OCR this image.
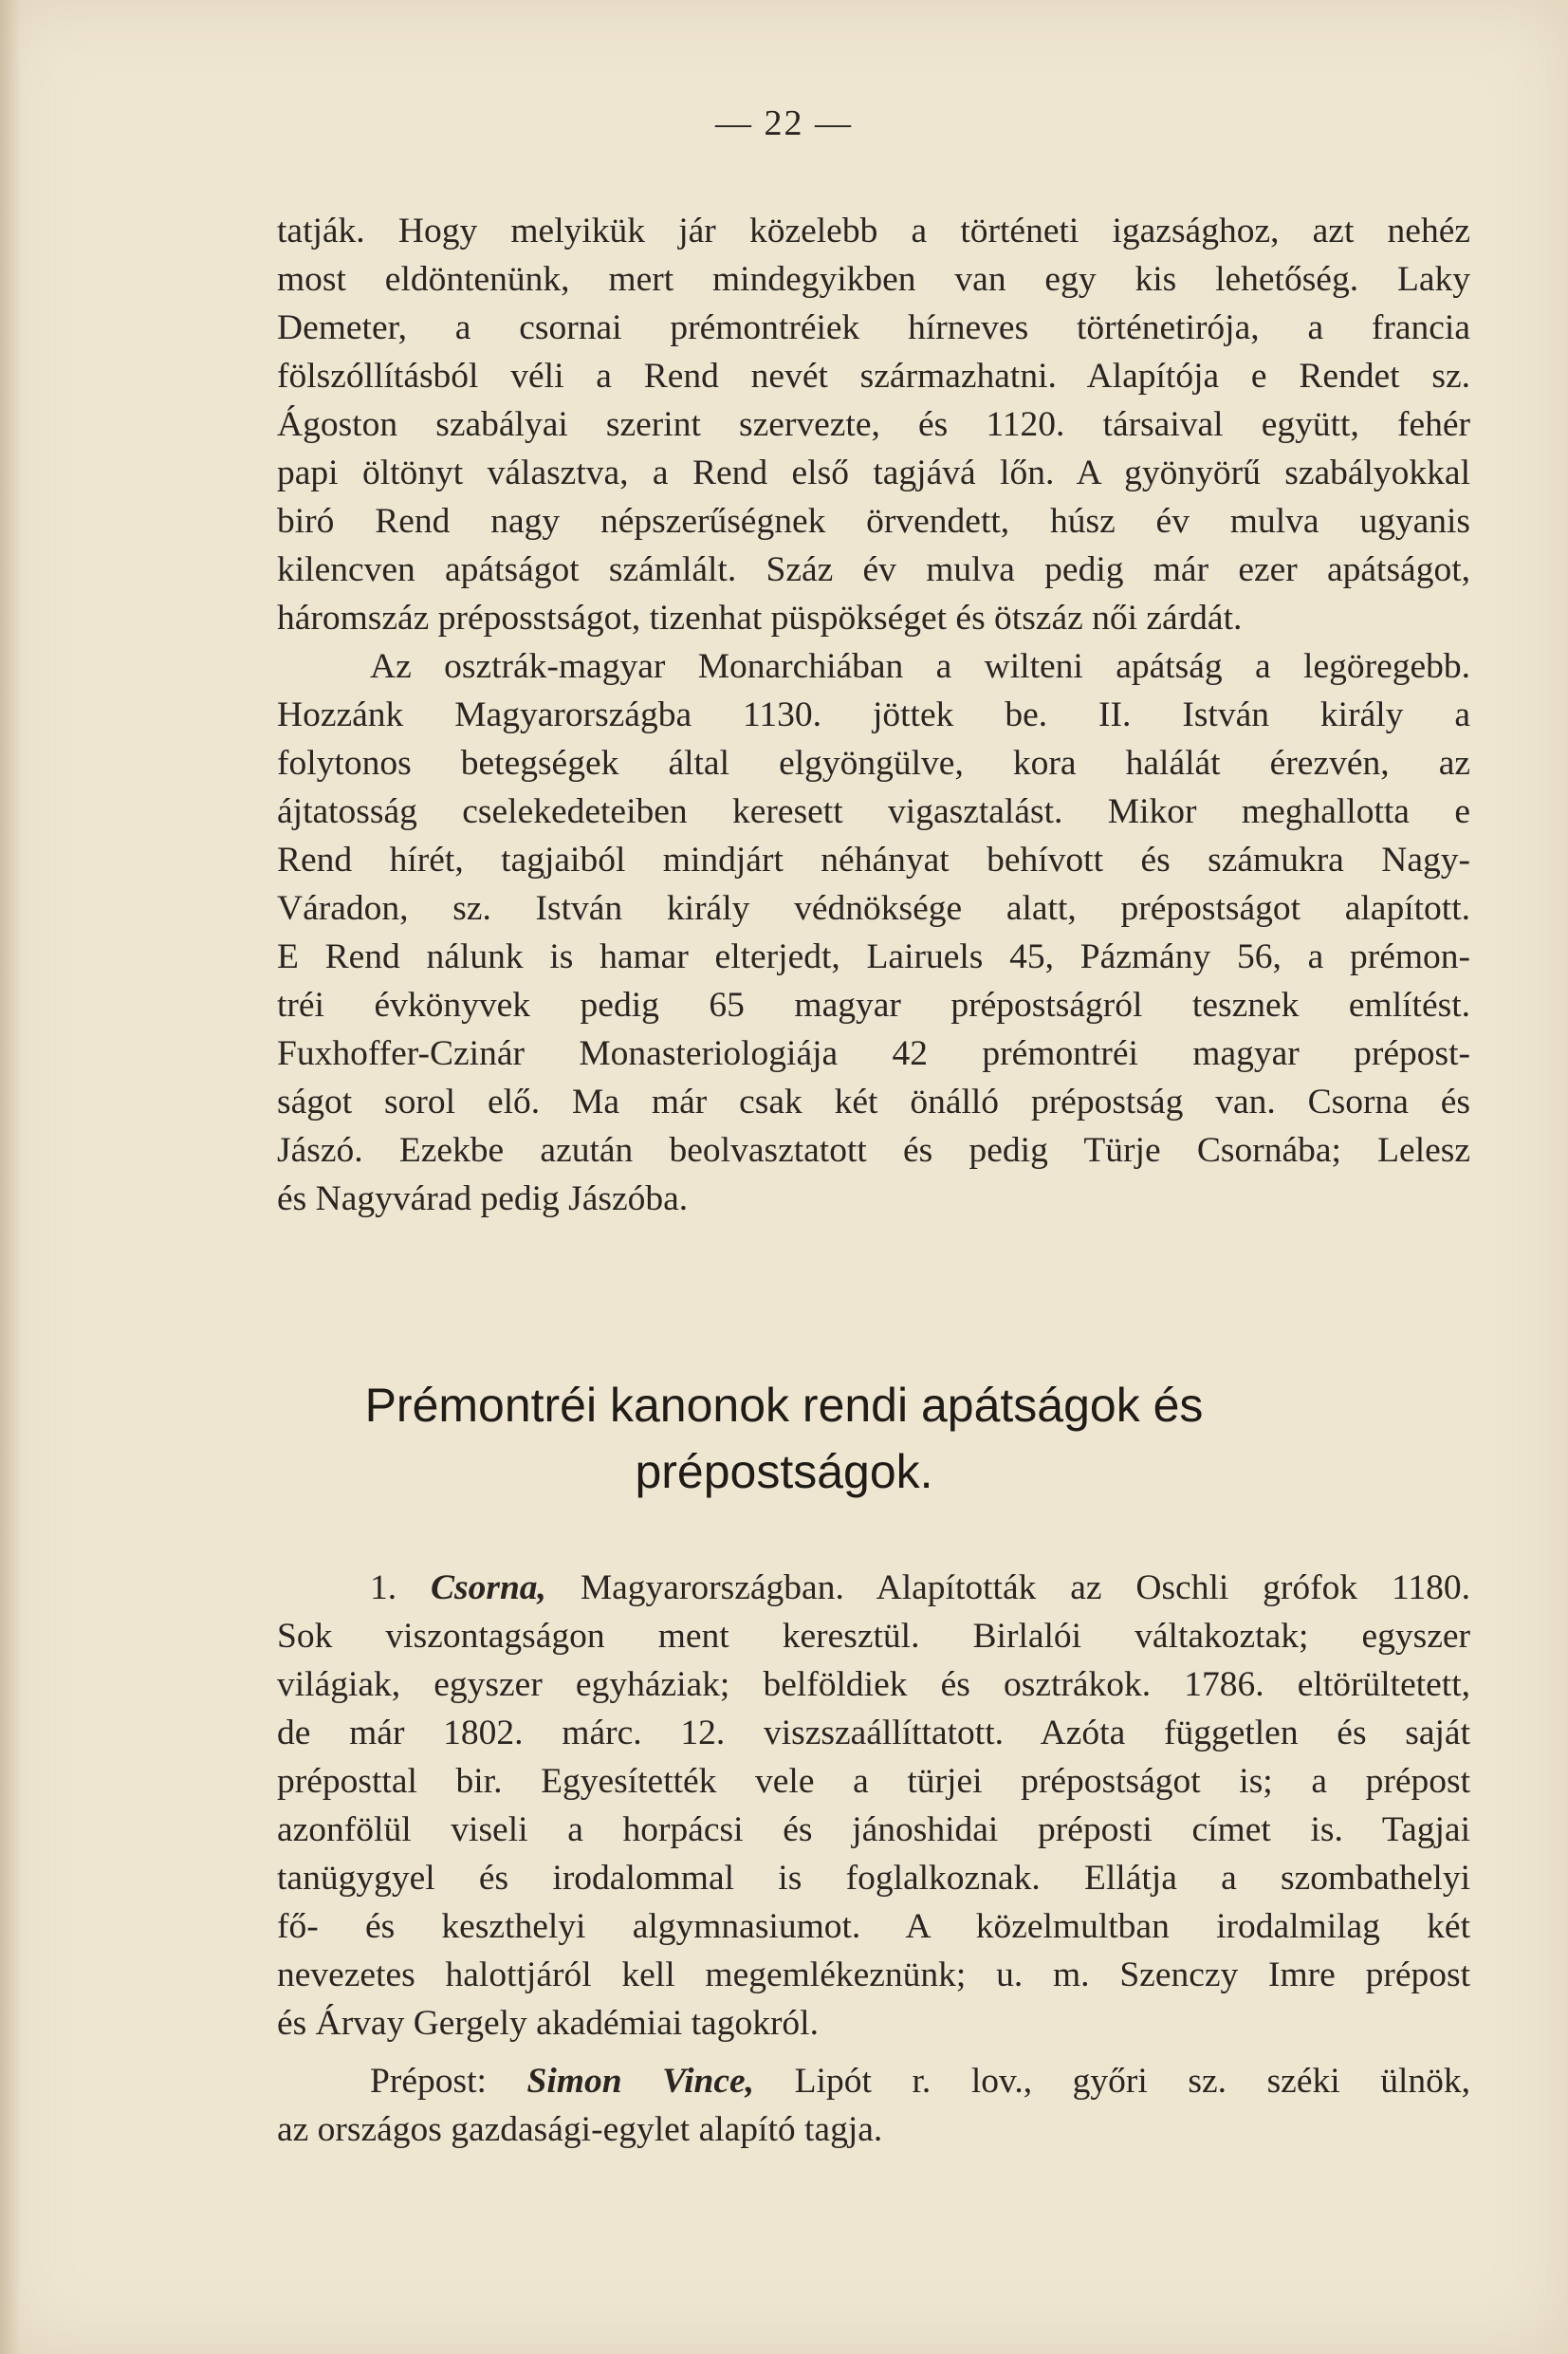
— 22 —
tatják. Hogy melyikük jár közelebb a történeti igazsághoz, azt nehéz
most eldöntenünk, mert mindegyikben van egy kis lehetőség. Laky
Demeter, a csornai prémontréiek hírneves történetirója, a francia
fölszóllításból véli a Rend nevét származhatni. Alapítója e Rendet sz.
Ágoston szabályai szerint szervezte, és 1120. társaival együtt, fehér
papi öltönyt választva, a Rend első tagjává lőn. A gyönyörű szabályokkal
biró Rend nagy népszerűségnek örvendett, húsz év mulva ugyanis
kilencven apátságot számlált. Száz év mulva pedig már ezer apátságot,
háromszáz préposstságot, tizenhat püspökséget és ötszáz női zárdát.
Az osztrák-magyar Monarchiában a wilteni apátság a legöregebb.
Hozzánk Magyarországba 1130. jöttek be. II. István király a
folytonos betegségek által elgyöngülve, kora halálát érezvén, az
ájtatosság cselekedeteiben keresett vigasztalást. Mikor meghallotta e
Rend hírét, tagjaiból mindjárt néhányat behívott és számukra Nagy-
Váradon, sz. István király védnöksége alatt, prépostságot alapított.
E Rend nálunk is hamar elterjedt, Lairuels 45, Pázmány 56, a prémon-
tréi évkönyvek pedig 65 magyar prépostságról tesznek említést.
Fuxhoffer-Czinár Monasteriologiája 42 prémontréi magyar prépost-
ságot sorol elő. Ma már csak két önálló prépostság van. Csorna és
Jászó. Ezekbe azután beolvasztatott és pedig Türje Csornába; Lelesz
és Nagyvárad pedig Jászóba.
Prémontréi kanonok rendi apátságok és
prépostságok.
1. Csorna, Magyarországban. Alapították az Oschli grófok 1180.
Sok viszontagságon ment keresztül. Birlalói váltakoztak; egyszer
világiak, egyszer egyháziak; belföldiek és osztrákok. 1786. eltörültetett,
de már 1802. márc. 12. viszszaállíttatott. Azóta független és saját
préposttal bir. Egyesítették vele a türjei prépostságot is; a prépost
azonfölül viseli a horpácsi és jánoshidai préposti címet is. Tagjai
tanügygyel és irodalommal is foglalkoznak. Ellátja a szombathelyi
fő- és keszthelyi algymnasiumot. A közelmultban irodalmilag két
nevezetes halottjáról kell megemlékeznünk; u. m. Szenczy Imre prépost
és Árvay Gergely akadémiai tagokról.
Prépost: Simon Vince, Lipót r. lov., győri sz. széki ülnök,
az országos gazdasági-egylet alapító tagja.
